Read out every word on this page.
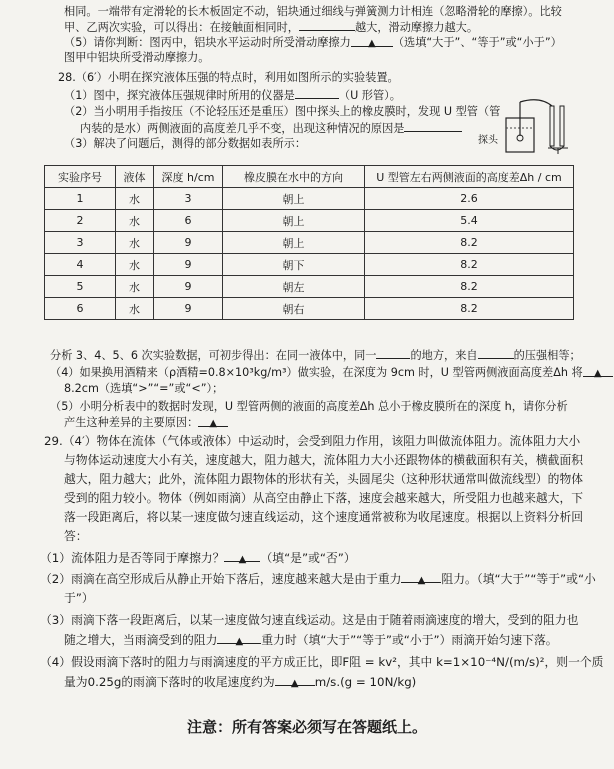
相同。一端带有定滑轮的长木板固定不动，铝块通过细线与弹簧测力计相连（忽略滑轮的摩擦）。比较
甲、乙两次实验，可以得出：在接触面相同时，	越大，滑动摩擦力越大。
（5）请你判断：图丙中，铝块水平运动时所受滑动摩擦力 ▲ （选填“大于”、“等于”或“小于”）
图甲中铝块所受滑动摩擦力。
28.（6′）小明在探究液体压强的特点时，利用如图所示的实验装置。
（1）图中，探究液体压强规律时所用的仪器是	（U 形管）。
（2）当小明用手指按压（不论轻压还是重压）图中探头上的橡皮膜时，发现 U 型管（管
内装的是水）两侧液面的高度差几乎不变，出现这种情况的原因是
（3）解决了问题后，测得的部分数据如表所示：	探头
实验序号	液体	深度 h/cm	橡皮膜在水中的方向	U 型管左右两侧液面的高度差Δh / cm
1	水	3	朝上	2.6
2	水	6	朝上	5.4
3	水	9	朝上	8.2
4	水	9	朝下	8.2
5	水	9	朝左	8.2
6	水	9	朝右	8.2
分析 3、4、5、6 次实验数据，可初步得出：在同一液体中，同一	的地方，来自	的压强相等；
（4）如果换用酒精来（ρ酒精=0.8×10³kg/m³）做实验，在深度为 9cm 时，U 型管两侧液面高度差Δh 将 ▲
8.2cm（选填“>”“=”或“<”）；
（5）小明分析表中的数据时发现，U 型管两侧的液面的高度差Δh 总小于橡皮膜所在的深度 h，请你分析
产生这种差异的主要原因： ▲
29.（4′）物体在流体（气体或液体）中运动时，会受到阻力作用，该阻力叫做流体阻力。流体阻力大小
与物体运动速度大小有关，速度越大，阻力越大，流体阻力大小还跟物体的横截面积有关，横截面积
越大，阻力越大；此外，流体阻力跟物体的形状有关，头圆尾尖（这种形状通常叫做流线型）的物体
受到的阻力较小。物体（例如雨滴）从高空由静止下落，速度会越来越大，所受阻力也越来越大，下
落一段距离后，将以某一速度做匀速直线运动，这个速度通常被称为收尾速度。根据以上资料分析回
答：
（1）流体阻力是否等同于摩擦力？ ▲ （填“是”或“否”）
（2）雨滴在高空形成后从静止开始下落后，速度越来越大是由于重力 ▲ 阻力。（填“大于”“等于”或“小
于”）
（3）雨滴下落一段距离后，以某一速度做匀速直线运动。这是由于随着雨滴速度的增大，受到的阻力也
随之增大，当雨滴受到的阻力 ▲ 重力时（填“大于”“等于”或“小于”）雨滴开始匀速下落。
（4）假设雨滴下落时的阻力与雨滴速度的平方成正比，即F阻 = kv²，其中 k=1×10⁻⁴N/(m/s)²，则一个质
量为0.25g的雨滴下落时的收尾速度约为 ▲ m/s.(g = 10N/kg)
注意：所有答案必须写在答题纸上。
